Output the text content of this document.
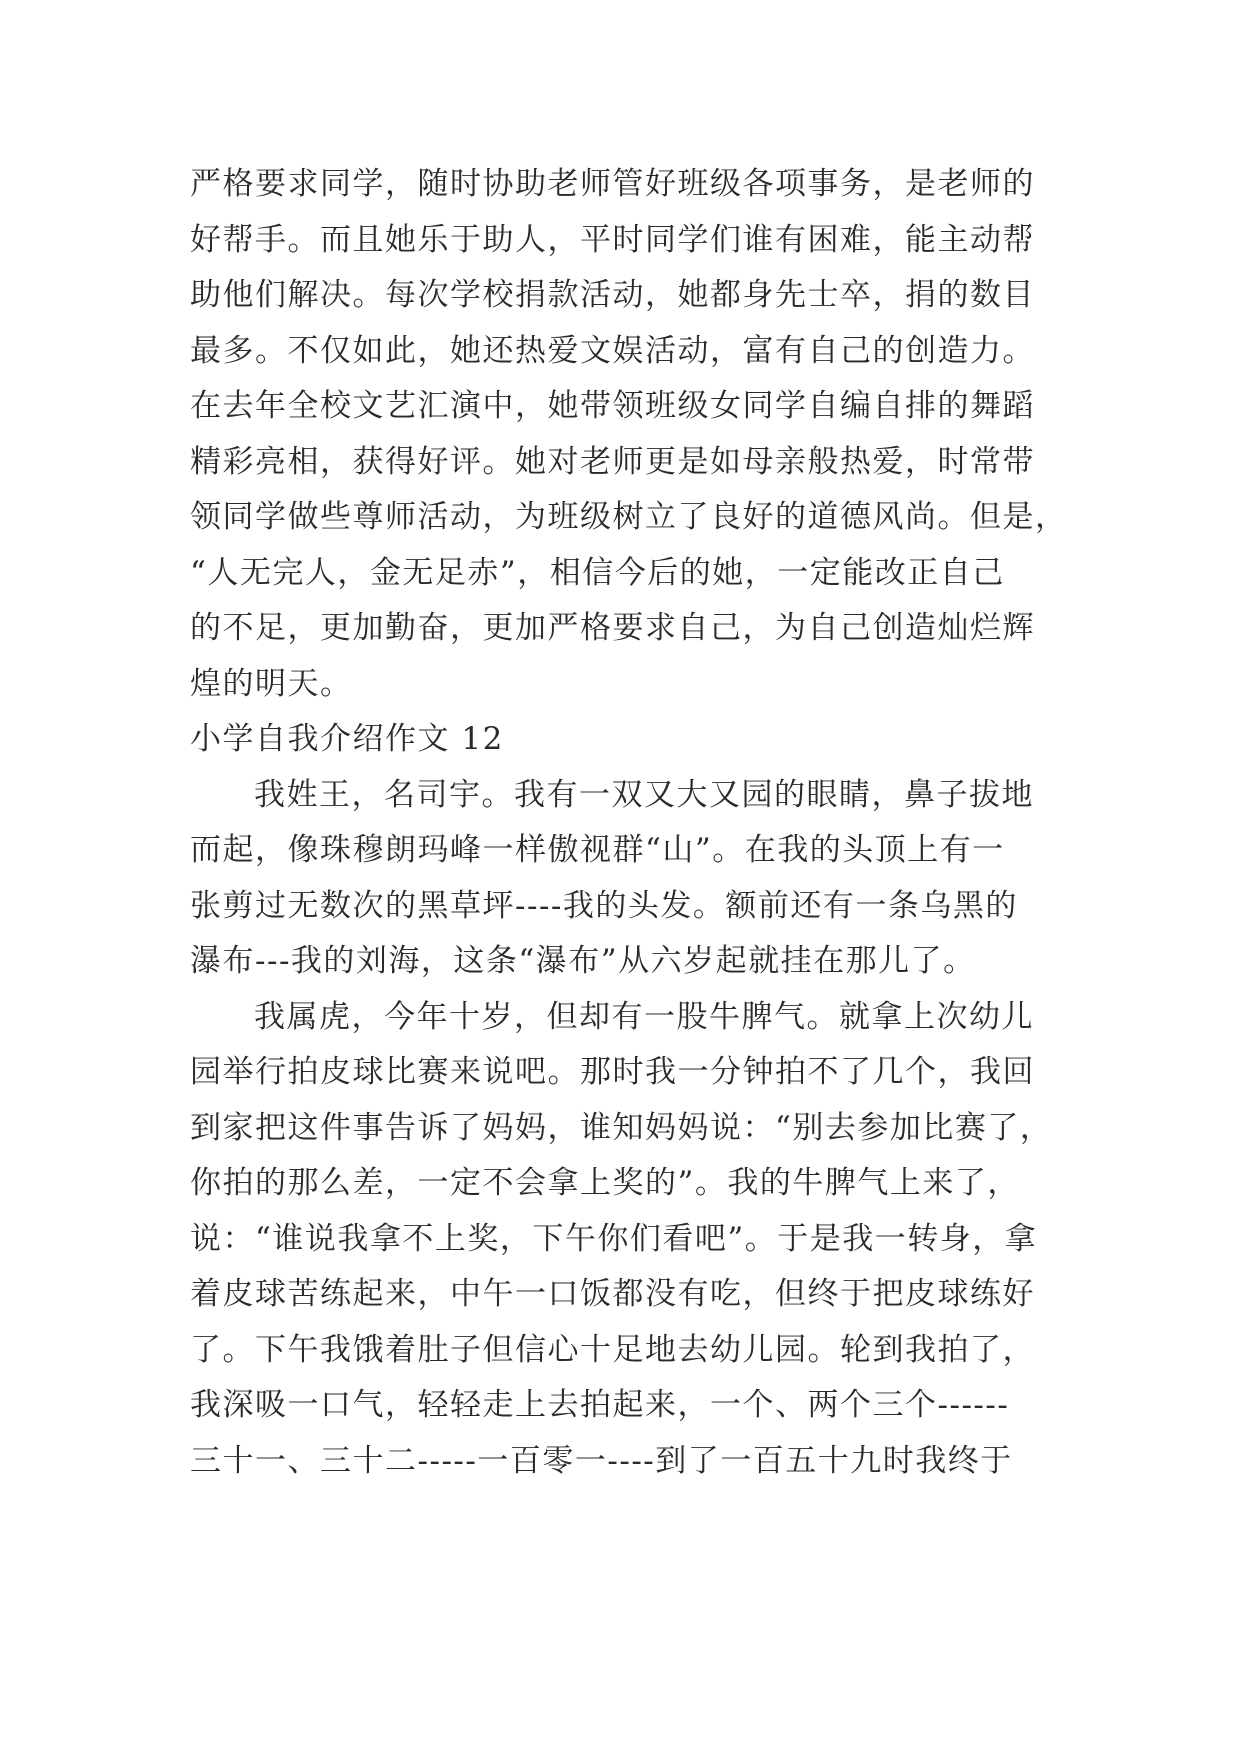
严格要求同学，随时协助老师管好班级各项事务，是老师的
好帮手。而且她乐于助人，平时同学们谁有困难，能主动帮
助他们解决。每次学校捐款活动，她都身先士卒，捐的数目
最多。不仅如此，她还热爱文娱活动，富有自己的创造力。
在去年全校文艺汇演中，她带领班级女同学自编自排的舞蹈
精彩亮相，获得好评。她对老师更是如母亲般热爱，时常带
领同学做些尊师活动，为班级树立了良好的道德风尚。但是，
“人无完人，金无足赤”，相信今后的她，一定能改正自己
的不足，更加勤奋，更加严格要求自己，为自己创造灿烂辉
煌的明天。
小学自我介绍作文 12
我姓王，名司宇。我有一双又大又园的眼睛，鼻子拔地
而起，像珠穆朗玛峰一样傲视群“山”。在我的头顶上有一
张剪过无数次的黑草坪----我的头发。额前还有一条乌黑的
瀑布---我的刘海，这条“瀑布”从六岁起就挂在那儿了。
我属虎，今年十岁，但却有一股牛脾气。就拿上次幼儿
园举行拍皮球比赛来说吧。那时我一分钟拍不了几个，我回
到家把这件事告诉了妈妈，谁知妈妈说：“别去参加比赛了，
你拍的那么差，一定不会拿上奖的”。我的牛脾气上来了，
说：“谁说我拿不上奖，下午你们看吧”。于是我一转身，拿
着皮球苦练起来，中午一口饭都没有吃，但终于把皮球练好
了。下午我饿着肚子但信心十足地去幼儿园。轮到我拍了，
我深吸一口气，轻轻走上去拍起来，一个、两个三个------
三十一、三十二-----一百零一----到了一百五十九时我终于
